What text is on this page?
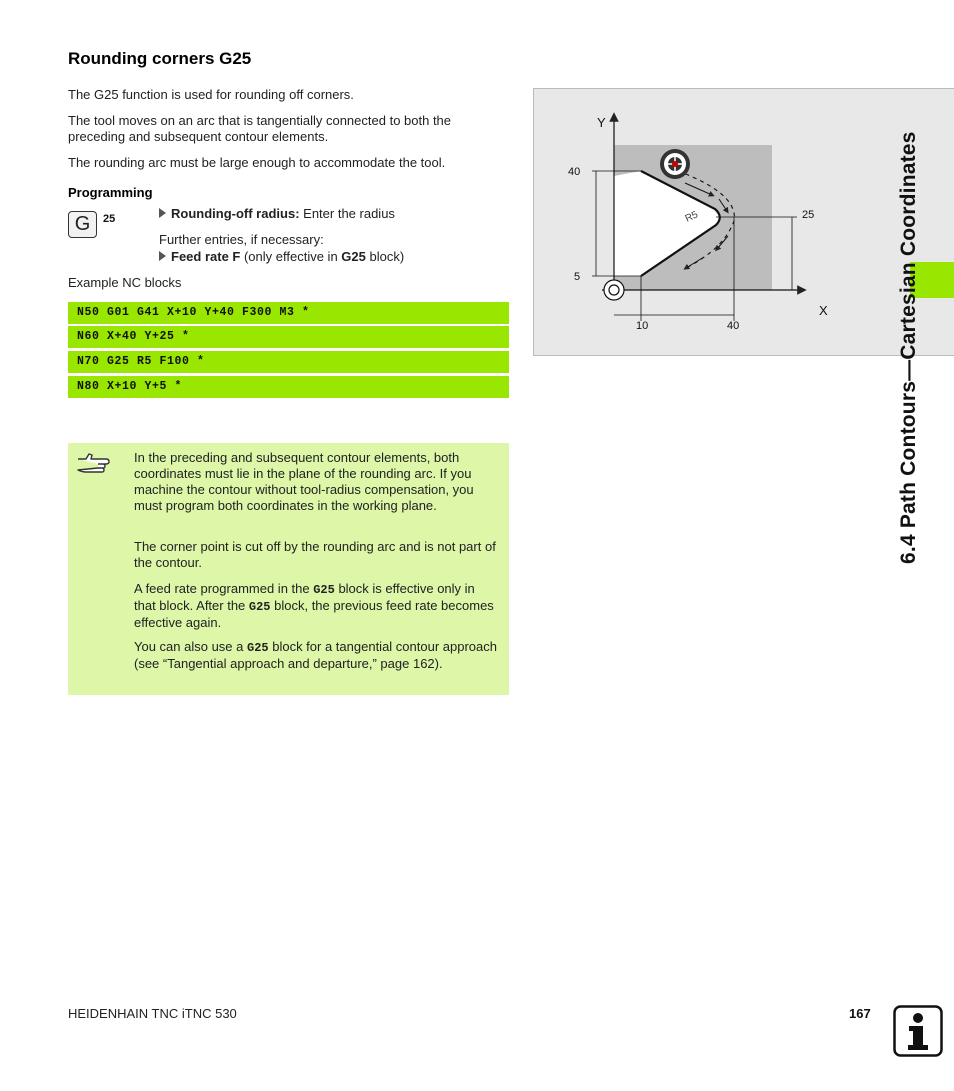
Rounding corners G25

The G25 function is used for rounding off corners.

The tool moves on an arc that is tangentially connected to both the preceding and subsequent contour elements.

The rounding arc must be large enough to accommodate the tool.

Programming
G	25	Rounding-off radius: Enter the radius
Further entries, if necessary:
Feed rate F (only effective in G25 block)
Example NC blocks
N50 G01 G41 X+10 Y+40 F300 M3 *
N60 X+40 Y+25 *
N70 G25 R5 F100 *
N80 X+10 Y+5 *

In the preceding and subsequent contour elements, both coordinates must lie in the plane of the rounding arc. If you machine the contour without tool-radius compensation, you must program both coordinates in the working plane.

The corner point is cut off by the rounding arc and is not part of the contour.

A feed rate programmed in the G25 block is effective only in that block. After the G25 block, the previous feed rate becomes effective again.

You can also use a G25 block for a tangential contour approach (see “Tangential approach and departure,” page 162).

Y
X
40
5
10	40
25
R5	6.4 Path Contours—Cartesian Coordinates
HEIDENHAIN TNC iTNC 530	167
